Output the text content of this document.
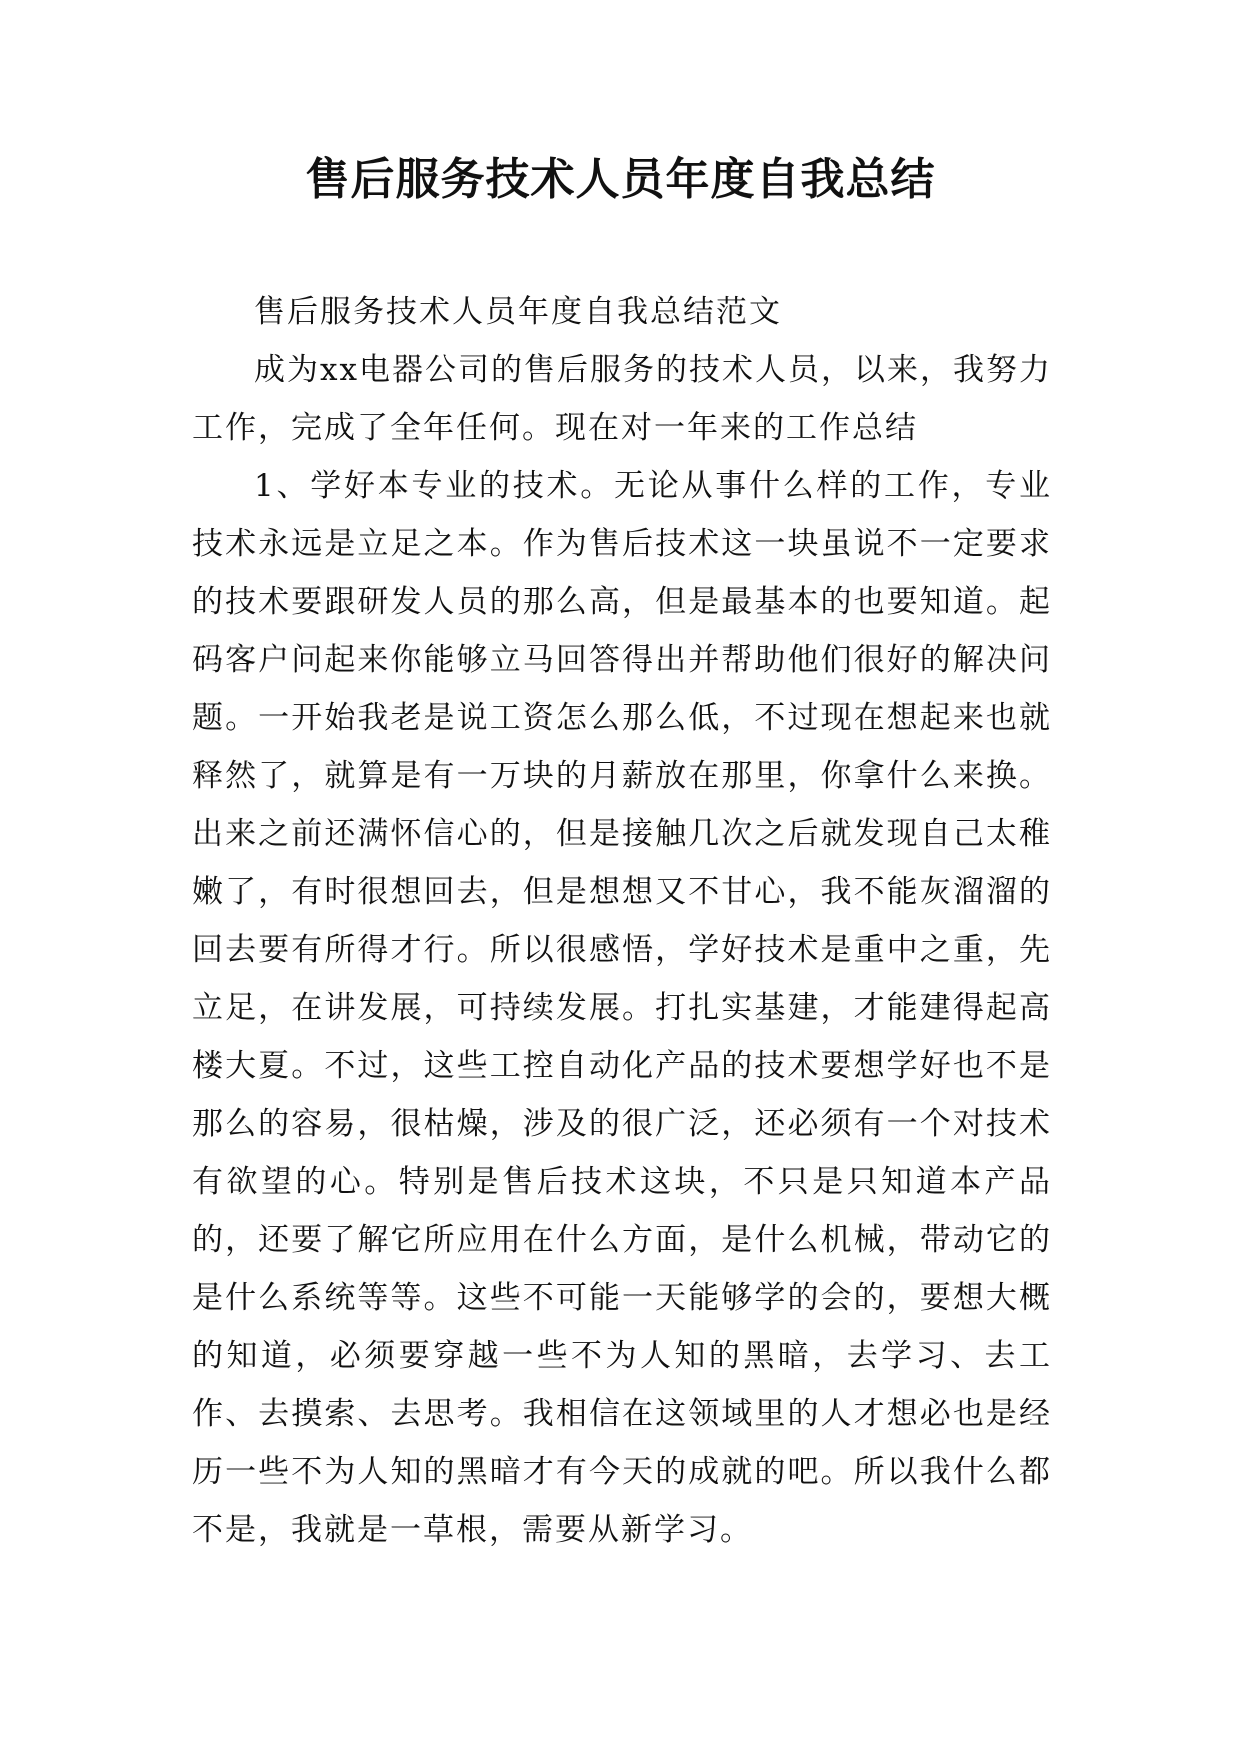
售后服务技术人员年度自我总结

售后服务技术人员年度自我总结范文

成为xx电器公司的售后服务的技术人员，以来，我努力工作，完成了全年任何。现在对一年来的工作总结

1、学好本专业的技术。无论从事什么样的工作，专业技术永远是立足之本。作为售后技术这一块虽说不一定要求的技术要跟研发人员的那么高，但是最基本的也要知道。起码客户问起来你能够立马回答得出并帮助他们很好的解决问题。一开始我老是说工资怎么那么低，不过现在想起来也就释然了，就算是有一万块的月薪放在那里，你拿什么来换。出来之前还满怀信心的，但是接触几次之后就发现自己太稚嫩了，有时很想回去，但是想想又不甘心，我不能灰溜溜的回去要有所得才行。所以很感悟，学好技术是重中之重，先立足，在讲发展，可持续发展。打扎实基建，才能建得起高楼大夏。不过，这些工控自动化产品的技术要想学好也不是那么的容易，很枯燥，涉及的很广泛，还必须有一个对技术有欲望的心。特别是售后技术这块，不只是只知道本产品的，还要了解它所应用在什么方面，是什么机械，带动它的是什么系统等等。这些不可能一天能够学的会的，要想大概的知道，必须要穿越一些不为人知的黑暗，去学习、去工作、去摸索、去思考。我相信在这领域里的人才想必也是经历一些不为人知的黑暗才有今天的成就的吧。所以我什么都不是，我就是一草根，需要从新学习。
